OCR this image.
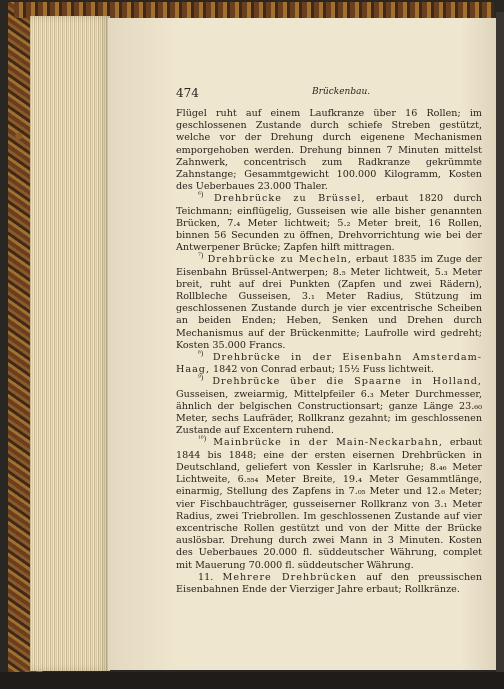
474	Brückenbau.

Flügel ruht auf einem Laufkranze über 16 Rollen; im geschlossenen Zustande durch schiefe Streben gestützt, welche vor der Drehung durch eigenene Mechanismen emporgehoben werden. Drehung binnen 7 Minuten mittelst Zahnwerk, concentrisch zum Radkranze gekrümmte Zahnstange; Gesammtgewicht 100.000 Kilogramm, Kosten des Ueberbaues 23.000 Thaler.

$^{^6)}$ Drehbrücke zu Brüssel, erbaut 1820 durch Teichmann; einflügelig, Gusseisen wie alle bisher genannten Brücken, 7.₄ Meter lichtweit; 5.₂ Meter breit, 16 Rollen, binnen 56 Secunden zu öffnen, Drehvorrichtung wie bei der Antwerpener Brücke; Zapfen hilft mittragen.

$^{^7)}$ Drehbrücke zu Mecheln, erbaut 1835 im Zuge der Eisenbahn Brüssel-Antwerpen; 8.₅ Meter lichtweit, 5.₃ Meter breit, ruht auf drei Punkten (Zapfen und zwei Rädern), Rollbleche Gusseisen, 3.₁ Meter Radius, Stützung im geschlossenen Zustande durch je vier excentrische Scheiben an beiden Enden; Heben, Senken und Drehen durch Mechanismus auf der Brückenmitte; Laufrolle wird gedreht; Kosten 35.000 Francs.

$^{^8)}$ Drehbrücke in der Eisenbahn Amsterdam-Haag, 1842 von Conrad erbaut; 15½ Fuss lichtweit.

$^{^9)}$ Drehbrücke über die Spaarne in Holland, Gusseisen, zweiarmig, Mittelpfeiler 6.₃ Meter Durchmesser, ähnlich der belgischen Constructionsart; ganze Länge 23.₆₀ Meter, sechs Laufräder, Rollkranz gezahnt; im geschlossenen Zustande auf Excentern ruhend.

$^{^{10})}$ Mainbrücke in der Main-Neckarbahn, erbaut 1844 bis 1848; eine der ersten eisernen Drehbrücken in Deutschland, geliefert von Kessler in Karlsruhe; 8.₄₆ Meter Lichtweite, 6.₅₅₄ Meter Breite, 19.₄ Meter Gesammtlänge, einarmig, Stellung des Zapfens in 7.₀₅ Meter und 12.₆ Meter; vier Fischbauchträger, gusseiserner Rollkranz von 3.₁ Meter Radius, zwei Triebrollen. Im geschlossenen Zustande auf vier excentrische Rollen gestützt und von der Mitte der Brücke auslösbar. Drehung durch zwei Mann in 3 Minuten. Kosten des Ueberbaues 20.000 fl. süddeutscher Währung, complet mit Mauerung 70.000 fl. süddeutscher Währung.

11. Mehrere Drehbrücken auf den preussischen Eisenbahnen Ende der Vierziger Jahre erbaut; Rollkränze.
